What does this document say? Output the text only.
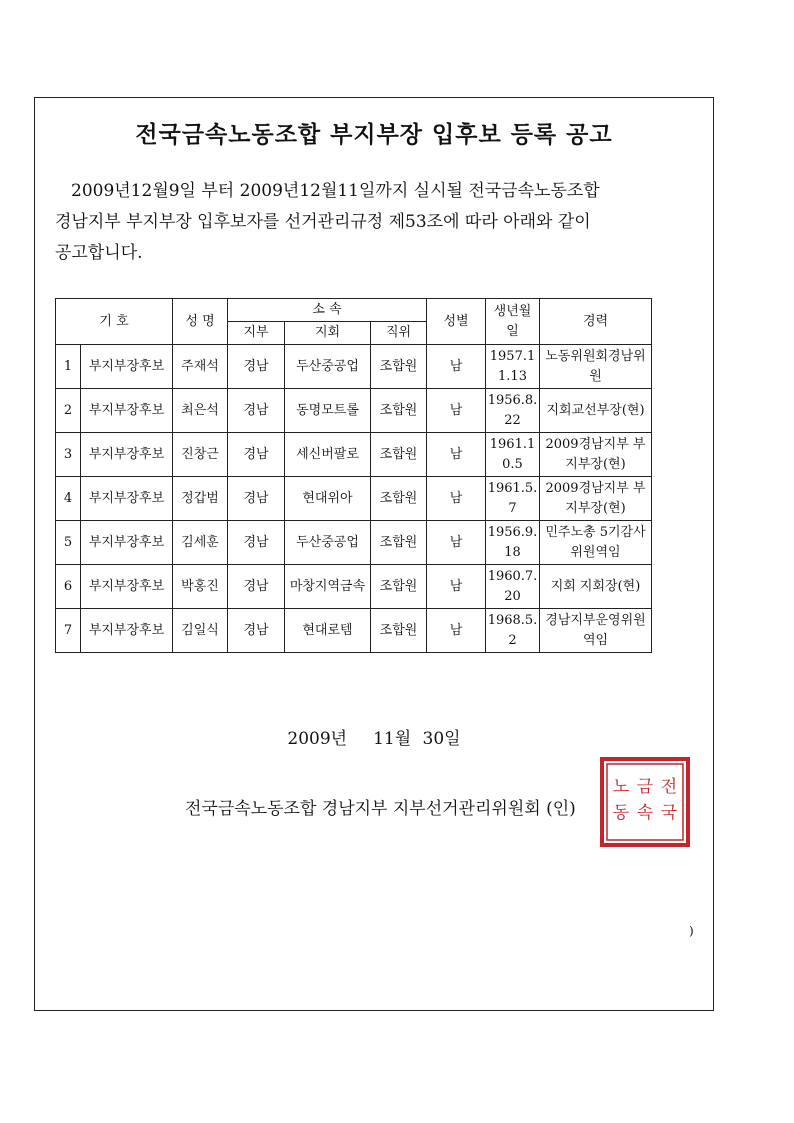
전국금속노동조합 부지부장 입후보 등록 공고
2009년12월9일 부터 2009년12월11일까지 실시될 전국금속노동조합
경남지부 부지부장 입후보자를 선거관리규정 제53조에 따라 아래와 같이
공고합니다.
기 호		성 명	소 속			성별	생년월일	경력
			지부	지회	직위			

1	부지부장후보	주재석	경남	두산중공업	조합원	남	1957.11.13	노동위원회경남위원

2	부지부장후보	최은석	경남	동명모트롤	조합원	남	1956.8.22	지회교선부장(현)

3	부지부장후보	진창근	경남	세신버팔로	조합원	남	1961.10.5	2009경남지부 부지부장(현)

4	부지부장후보	정갑범	경남	현대위아	조합원	남	1961.5.7	2009경남지부 부지부장(현)

5	부지부장후보	김세훈	경남	두산중공업	조합원	남	1956.9.18	민주노총 5기감사위원역임

6	부지부장후보	박홍진	경남	마창지역금속	조합원	남	1960.7.20	지회 지회장(현)

7	부지부장후보	김일식	경남	현대로템	조합원	남	1968.5.2	경남지부운영위원역임
2009년 11월 30일
전국금속노동조합 경남지부 지부선거관리위원회 (인)
전
국
금
속
노
동
)
